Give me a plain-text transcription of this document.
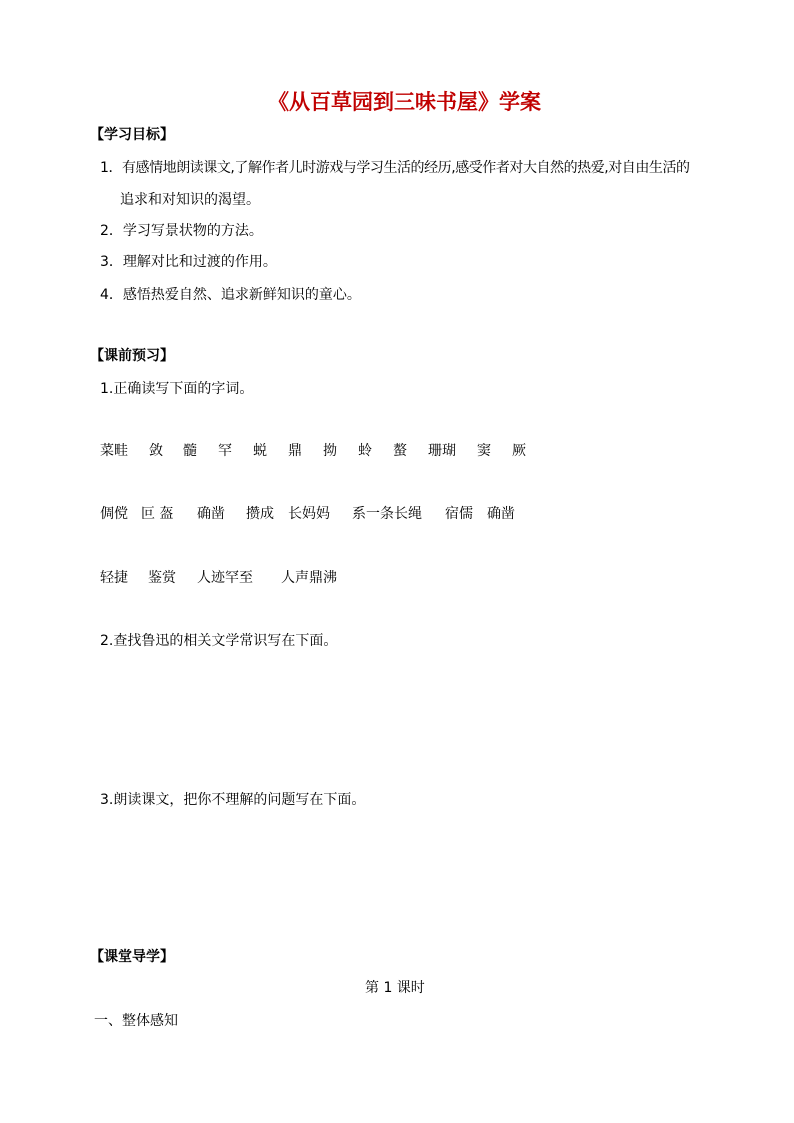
《从百草园到三味书屋》学案
【学习目标】
1．有感情地朗读课文,了解作者儿时游戏与学习生活的经历,感受作者对大自然的热爱,对自由生活的
追求和对知识的渴望。
2．学习写景状物的方法。
3．理解对比和过渡的作用。
4．感悟热爱自然、追求新鲜知识的童心。
【课前预习】
1.正确读写下面的字词。
菜畦 敛 髓 罕 蜕 鼎 拗 蛉 螯 珊瑚 窦 厥
倜傥 叵 盔 确凿 攒成 长妈妈 系一条长绳 宿儒 确凿
轻捷 鉴赏 人迹罕至 人声鼎沸
2.查找鲁迅的相关文学常识写在下面。
3.朗读课文，把你不理解的问题写在下面。
【课堂导学】
第 1 课时
一、整体感知
